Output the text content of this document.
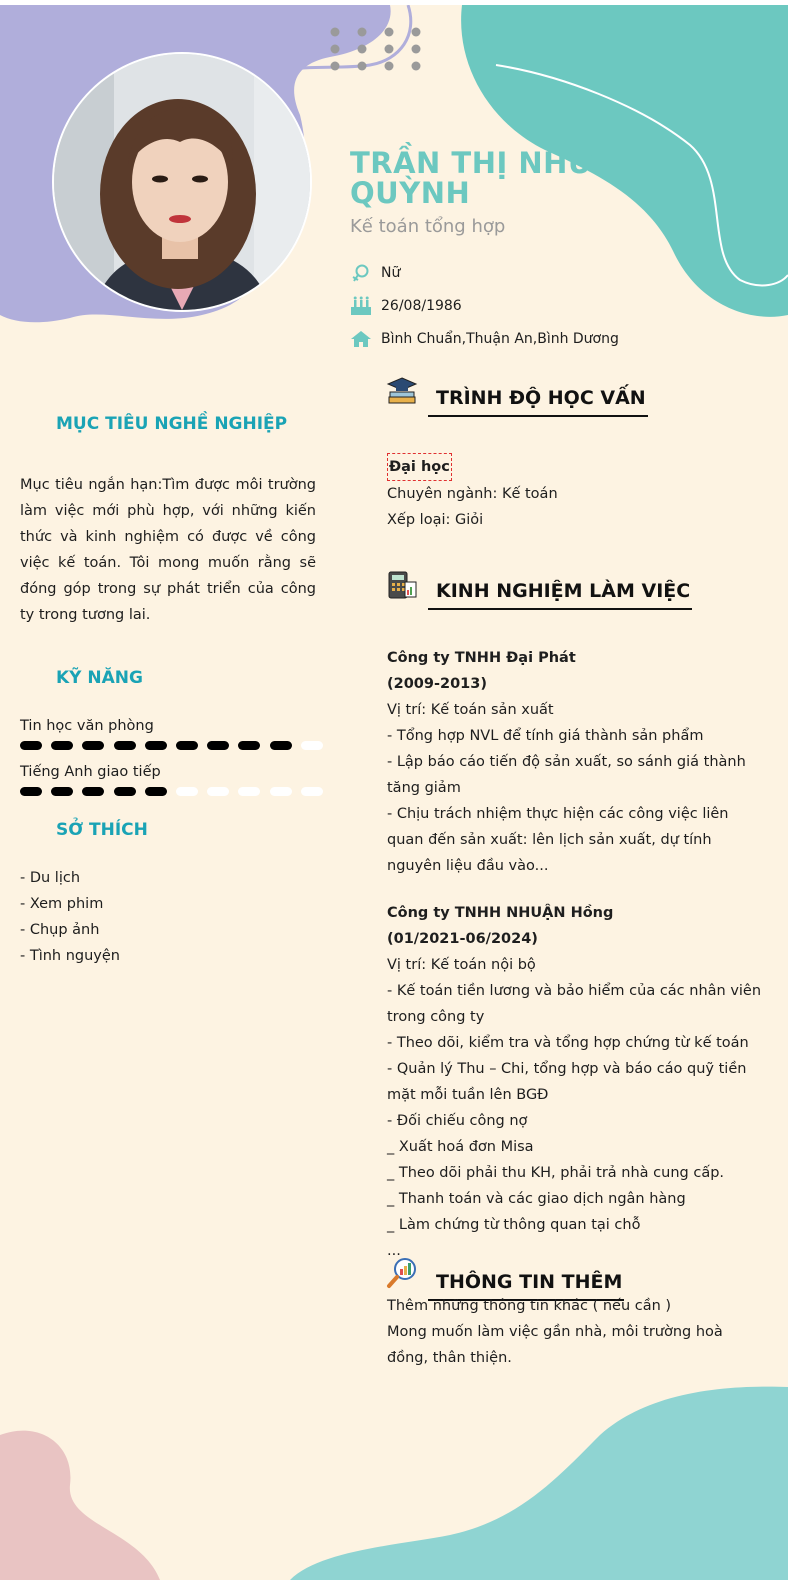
TRẦN THỊ NHƯ QUỲNH
Kế toán tổng hợp
Nữ
26/08/1986
Bình Chuẩn,Thuận An,Bình Dương
MỤC TIÊU NGHỀ NGHIỆP
Mục tiêu ngắn hạn:Tìm được môi trường làm việc mới phù hợp, với những kiến thức và kinh nghiệm có được về công việc kế toán. Tôi mong muốn rằng sẽ đóng góp trong sự phát triển của công ty trong tương lai.
KỸ NĂNG
Tin học văn phòng
Tiếng Anh giao tiếp
SỞ THÍCH
- Du lịch
- Xem phim
- Chụp ảnh
- Tình nguyện
TRÌNH ĐỘ HỌC VẤN
Đại học
Chuyên ngành: Kế toán
Xếp loại: Giỏi
KINH NGHIỆM LÀM VIỆC
Công ty TNHH Đại Phát
(2009-2013)
Vị trí: Kế toán sản xuất
- Tổng hợp NVL để tính giá thành sản phẩm
- Lập báo cáo tiến độ sản xuất, so sánh giá thành tăng giảm
- Chịu trách nhiệm thực hiện các công việc liên quan đến sản xuất: lên lịch sản xuất, dự tính nguyên liệu đầu vào...
Công ty TNHH NHUẬN Hồng
(01/2021-06/2024)
Vị trí: Kế toán nội bộ
- Kế toán tiền lương và bảo hiểm của các nhân viên trong công ty
- Theo dõi, kiểm tra và tổng hợp chứng từ kế toán
- Quản lý Thu – Chi, tổng hợp và báo cáo quỹ tiền mặt mỗi tuần lên BGĐ
- Đối chiếu công nợ
_ Xuất hoá đơn Misa
_ Theo dõi phải thu KH, phải trả nhà cung cấp.
_ Thanh toán và các giao dịch ngân hàng
_ Làm chứng từ thông quan tại chỗ
...
THÔNG TIN THÊM
Thêm những thông tin khác ( nếu cần )
Mong muốn làm việc gần nhà, môi trường hoà đồng, thân thiện.
